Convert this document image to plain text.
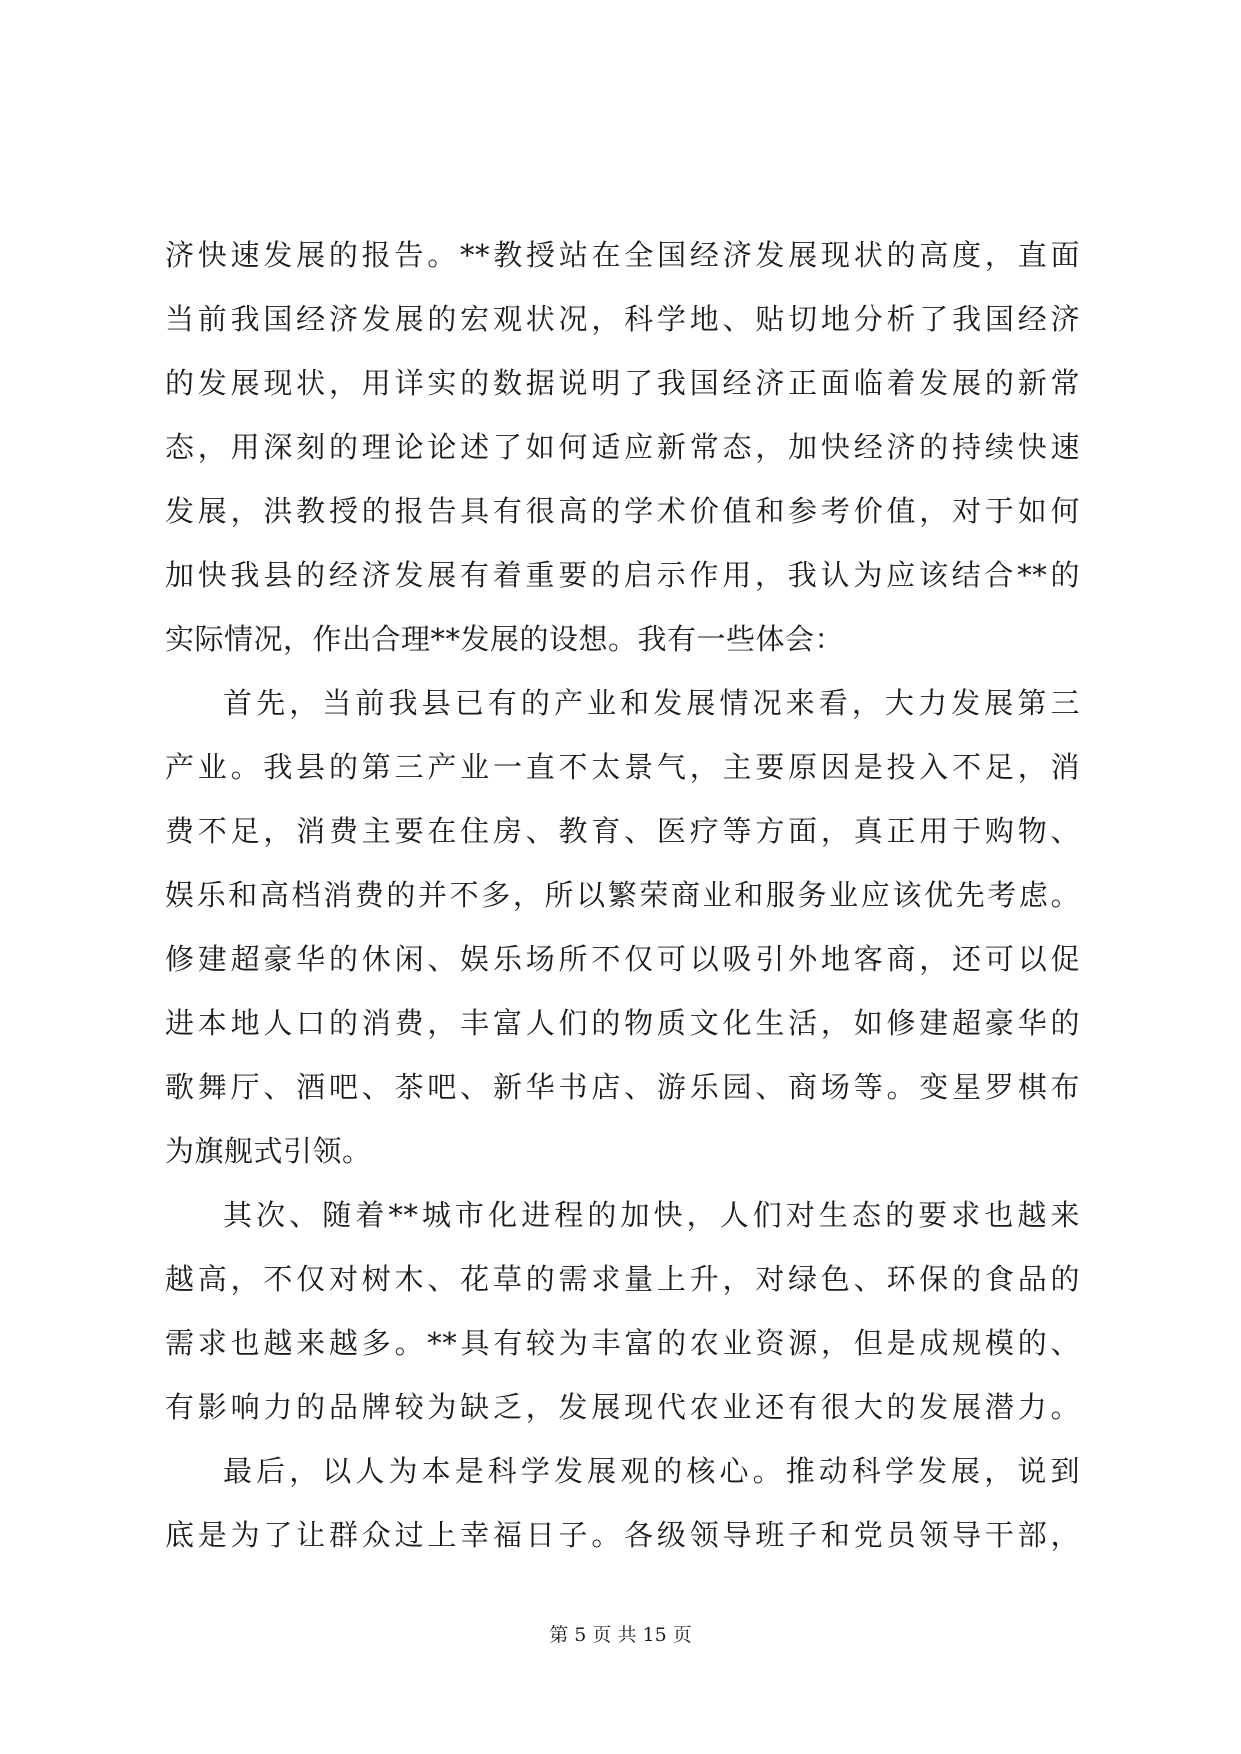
济快速发展的报告。**教授站在全国经济发展现状的高度，直面
当前我国经济发展的宏观状况，科学地、贴切地分析了我国经济
的发展现状，用详实的数据说明了我国经济正面临着发展的新常
态，用深刻的理论论述了如何适应新常态，加快经济的持续快速
发展，洪教授的报告具有很高的学术价值和参考价值，对于如何
加快我县的经济发展有着重要的启示作用，我认为应该结合**的
实际情况，作出合理**发展的设想。我有一些体会：
首先，当前我县已有的产业和发展情况来看，大力发展第三
产业。我县的第三产业一直不太景气，主要原因是投入不足，消
费不足，消费主要在住房、教育、医疗等方面，真正用于购物、
娱乐和高档消费的并不多，所以繁荣商业和服务业应该优先考虑。
修建超豪华的休闲、娱乐场所不仅可以吸引外地客商，还可以促
进本地人口的消费，丰富人们的物质文化生活，如修建超豪华的
歌舞厅、酒吧、茶吧、新华书店、游乐园、商场等。变星罗棋布
为旗舰式引领。
其次、随着**城市化进程的加快，人们对生态的要求也越来
越高，不仅对树木、花草的需求量上升，对绿色、环保的食品的
需求也越来越多。**具有较为丰富的农业资源，但是成规模的、
有影响力的品牌较为缺乏，发展现代农业还有很大的发展潜力。
最后，以人为本是科学发展观的核心。推动科学发展，说到
底是为了让群众过上幸福日子。各级领导班子和党员领导干部，
第 5 页 共 15 页
